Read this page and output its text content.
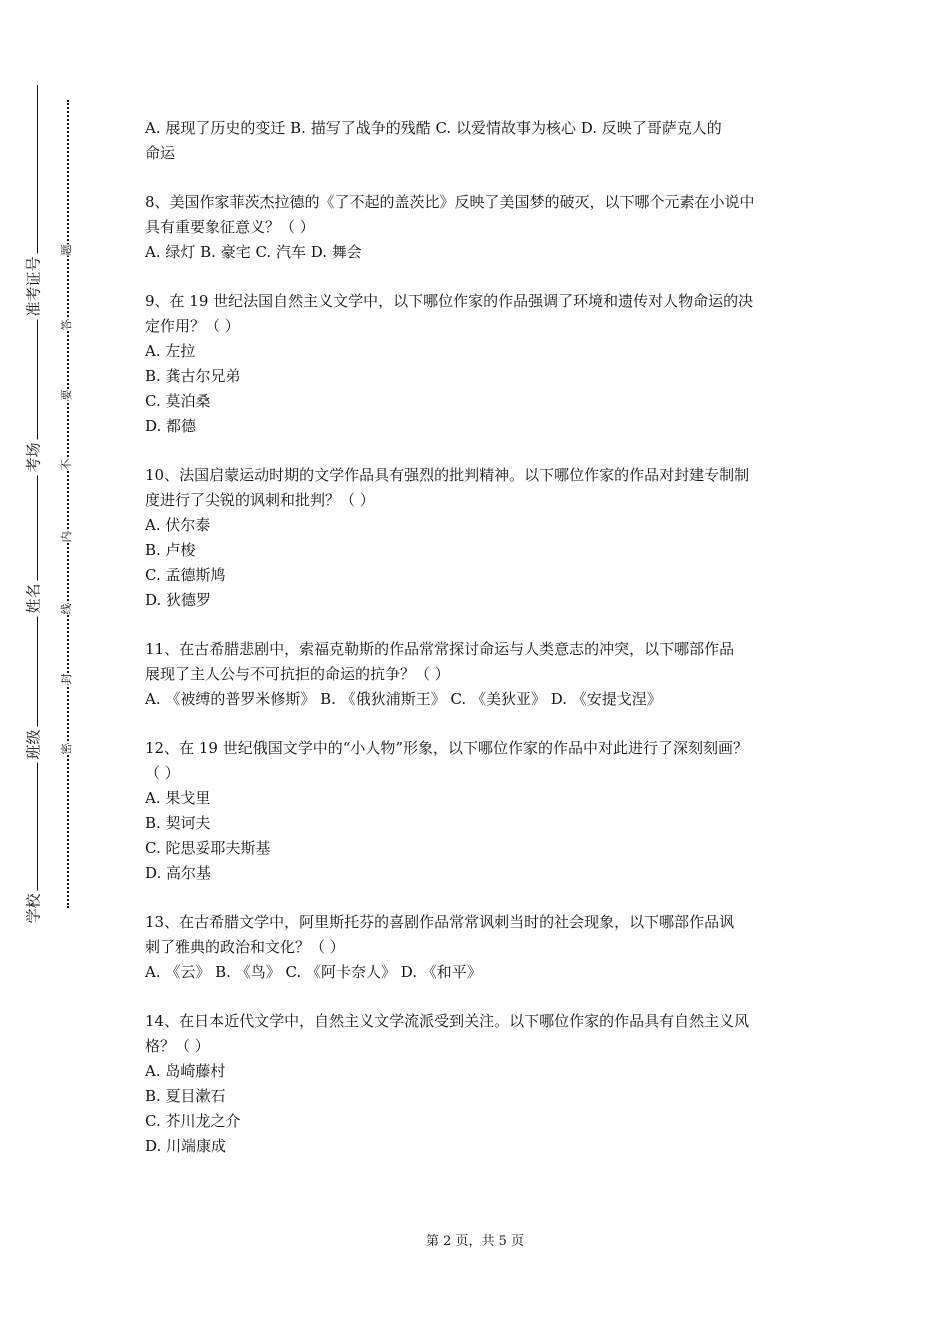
准考证号
考场
姓名
班级
学校
题
答
要
不
内
线
封
密
A. 展现了历史的变迁 B. 描写了战争的残酷 C. 以爱情故事为核心 D. 反映了哥萨克人的
命运
8、美国作家菲茨杰拉德的《了不起的盖茨比》反映了美国梦的破灭，以下哪个元素在小说中
具有重要象征意义？（ ）
A. 绿灯 B. 豪宅 C. 汽车 D. 舞会
9、在 19 世纪法国自然主义文学中，以下哪位作家的作品强调了环境和遗传对人物命运的决
定作用？（ ）
A. 左拉
B. 龚古尔兄弟
C. 莫泊桑
D. 都德
10、法国启蒙运动时期的文学作品具有强烈的批判精神。以下哪位作家的作品对封建专制制
度进行了尖锐的讽刺和批判？（ ）
A. 伏尔泰
B. 卢梭
C. 孟德斯鸠
D. 狄德罗
11、在古希腊悲剧中，索福克勒斯的作品常常探讨命运与人类意志的冲突，以下哪部作品
展现了主人公与不可抗拒的命运的抗争？（ ）
A. 《被缚的普罗米修斯》 B. 《俄狄浦斯王》 C. 《美狄亚》 D. 《安提戈涅》
12、在 19 世纪俄国文学中的“小人物”形象，以下哪位作家的作品中对此进行了深刻刻画？
（ ）
A. 果戈里
B. 契诃夫
C. 陀思妥耶夫斯基
D. 高尔基
13、在古希腊文学中，阿里斯托芬的喜剧作品常常讽刺当时的社会现象，以下哪部作品讽
刺了雅典的政治和文化？（ ）
A. 《云》 B. 《鸟》 C. 《阿卡奈人》 D. 《和平》
14、在日本近代文学中，自然主义文学流派受到关注。以下哪位作家的作品具有自然主义风
格？（ ）
A. 岛崎藤村
B. 夏目漱石
C. 芥川龙之介
D. 川端康成
第 2 页，共 5 页
